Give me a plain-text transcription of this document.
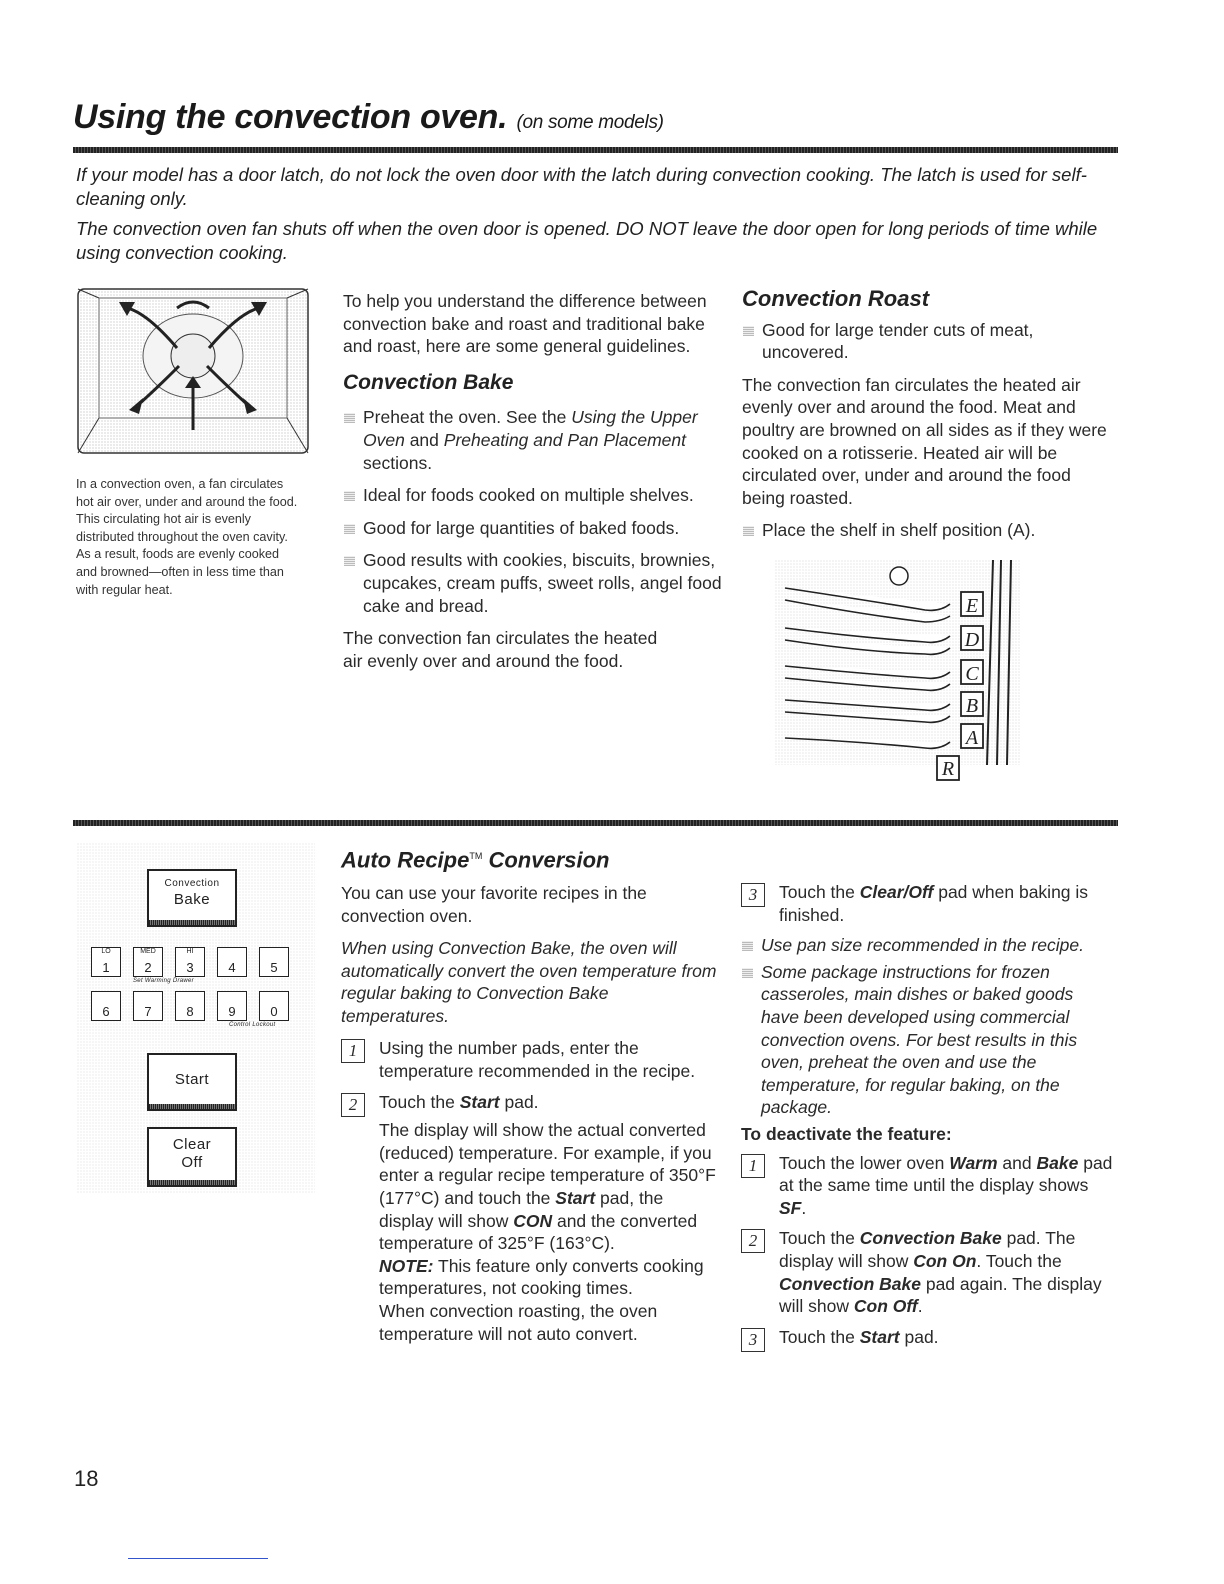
Using the convection oven. (on some models)
If your model has a door latch, do not lock the oven door with the latch during convection cooking. The latch is used for self-cleaning only.
The convection oven fan shuts off when the oven door is opened. DO NOT leave the door open for long periods of time while using convection cooking.
In a convection oven, a fan circulates hot air over, under and around the food. This circulating hot air is evenly distributed throughout the oven cavity. As a result, foods are evenly cooked and browned—often in less time than with regular heat.

To help you understand the difference between convection bake and roast and traditional bake and roast, here are some general guidelines.

Convection Bake
Preheat the oven. See the Using the Upper Oven and Preheating and Pan Placement sections.
Ideal for foods cooked on multiple shelves.
Good for large quantities of baked foods.
Good results with cookies, biscuits, brownies, cupcakes, cream puffs, sweet rolls, angel food cake and bread.

The convection fan circulates the heated air evenly over and around the food.

Convection Roast
Good for large tender cuts of meat, uncovered.

The convection fan circulates the heated air evenly over and around the food. Meat and poultry are browned on all sides as if they were cooked on a rotisserie. Heated air will be circulated over, under and around the food being roasted.

Place the shelf in shelf position (A).
E
D
C
B
A
R
Convection
Bake
LO
1
MED
2
HI
3	4	5
Set Warming Drawer
6	7	8	9	0
Control Lockout
Start
Clear
Off
Auto Recipe™ Conversion

You can use your favorite recipes in the convection oven.

When using Convection Bake, the oven will automatically convert the oven temperature from regular baking to Convection Bake temperatures.

1	Using the number pads, enter the temperature recommended in the recipe.
2	Touch the Start pad.
The display will show the actual converted (reduced) temperature. For example, if you enter a regular recipe temperature of 350°F (177°C) and touch the Start pad, the display will show CON and the converted temperature of 325°F (163°C).
NOTE: This feature only converts cooking temperatures, not cooking times.
When convection roasting, the oven temperature will not auto convert.
3	Touch the Clear/Off pad when baking is finished.
Use pan size recommended in the recipe.
Some package instructions for frozen casseroles, main dishes or baked goods have been developed using commercial convection ovens. For best results in this oven, preheat the oven and use the temperature, for regular baking, on the package.
To deactivate the feature:
1	Touch the lower oven Warm and Bake pad at the same time until the display shows SF.
2	Touch the Convection Bake pad. The display will show Con On. Touch the Convection Bake pad again. The display will show Con Off.
3	Touch the Start pad.
18
